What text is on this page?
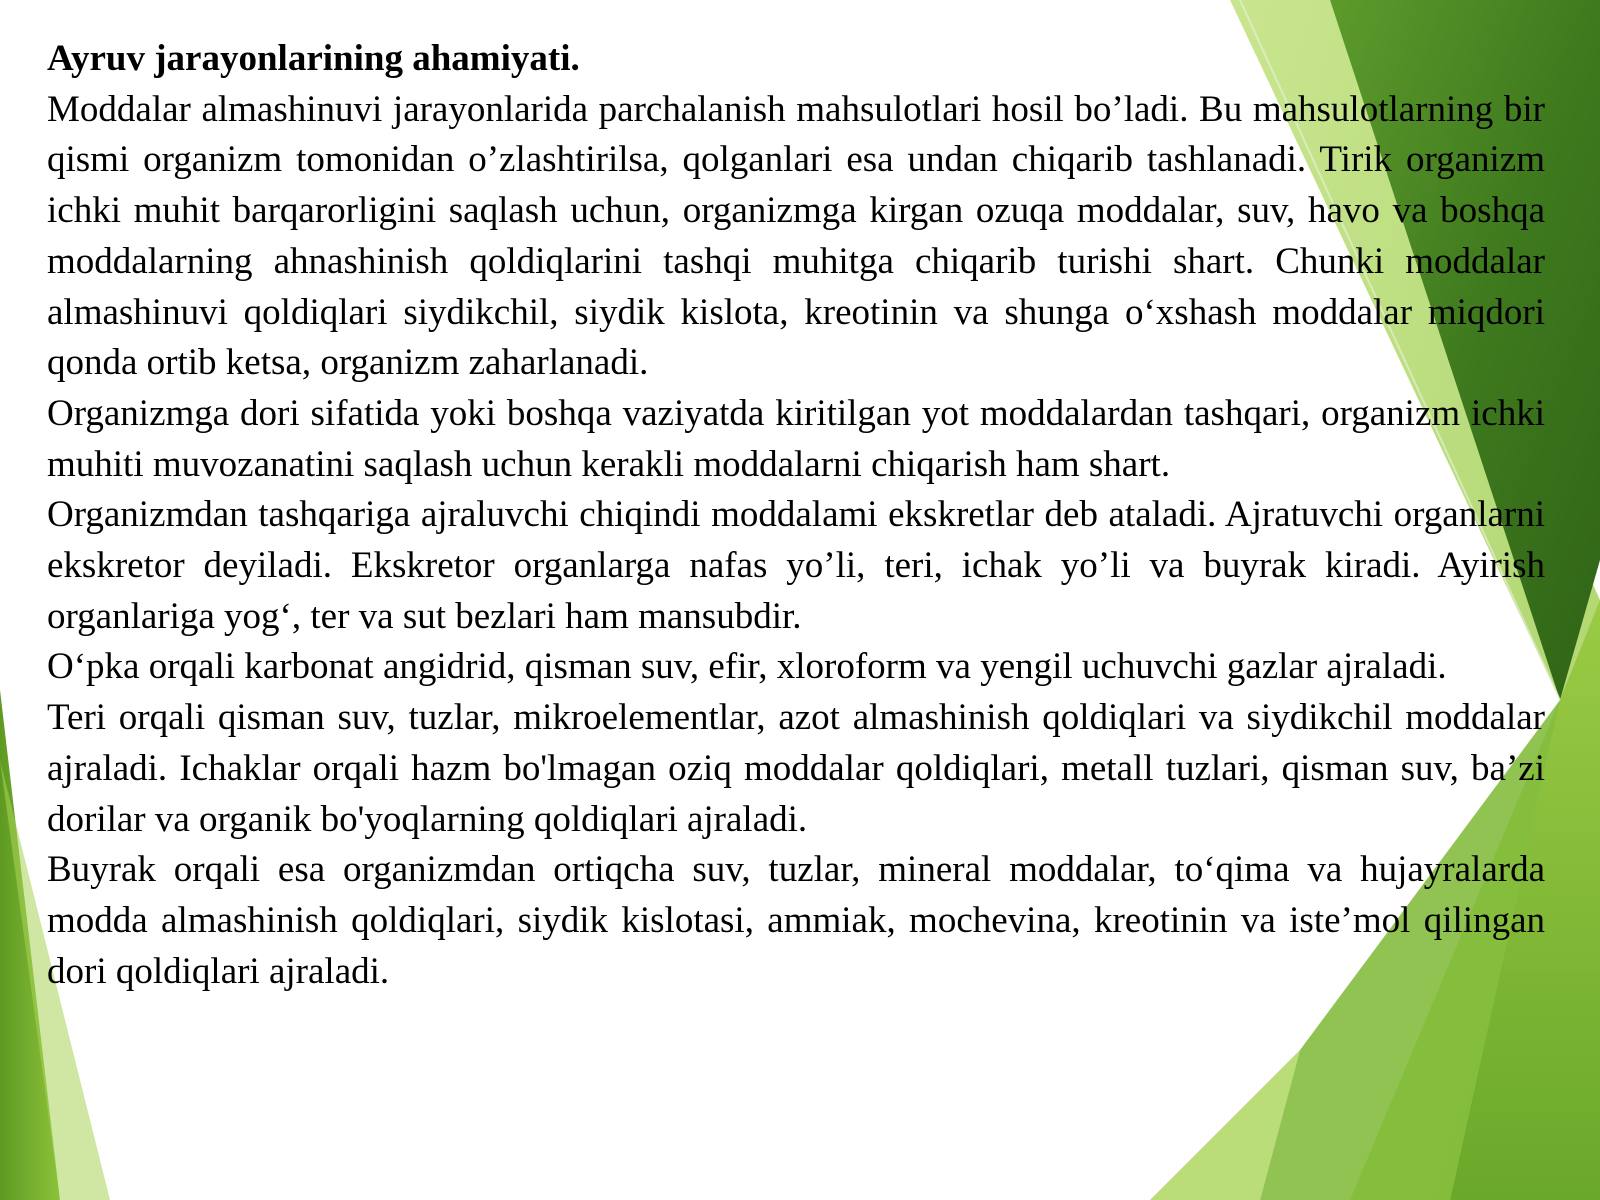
Ayruv jarayonlarining ahamiyati.

Moddalar almashinuvi jarayonlarida parchalanish mahsulotlari hosil bo’ladi. Bu mahsulotlarning bir qismi organizm tomonidan o’zlashtirilsa, qolganlari esa undan chiqarib tashlanadi. Tirik organizm ichki muhit barqarorligini saqlash uchun, organizmga kirgan ozuqa moddalar, suv, havo va boshqa moddalarning ahnashinish qoldiqlarini tashqi muhitga chiqarib turishi shart. Chunki moddalar almashinuvi qoldiqlari siydikchil, siydik kislota, kreotinin va shunga o‘xshash moddalar miqdori qonda ortib ketsa, organizm zaharlanadi.

Organizmga dori sifatida yoki boshqa vaziyatda kiritilgan yot moddalardan tashqari, organizm ichki muhiti muvozanatini saqlash uchun kerakli moddalarni chiqarish ham shart.

Organizmdan tashqariga ajraluvchi chiqindi moddalami ekskretlar deb ataladi. Ajratuvchi organlarni ekskretor deyiladi. Ekskretor organlarga nafas yo’li, teri, ichak yo’li va buyrak kiradi. Ayirish organlariga yog‘, ter va sut bezlari ham mansubdir.

O‘pka orqali karbonat angidrid, qisman suv, efir, xloroform va yengil uchuvchi gazlar ajraladi.

Teri orqali qisman suv, tuzlar, mikroelementlar, azot almashinish qoldiqlari va siydikchil moddalar ajraladi. Ichaklar orqali hazm bo'lmagan oziq moddalar qoldiqlari, metall tuzlari, qisman suv, ba’zi dorilar va organik bo'yoqlarning qoldiqlari ajraladi.

Buyrak orqali esa organizmdan ortiqcha suv, tuzlar, mineral moddalar, to‘qima va hujayralarda modda almashinish qoldiqlari, siydik kislotasi, ammiak, mochevina, kreotinin va iste’mol qilingan dori qoldiqlari ajraladi.
